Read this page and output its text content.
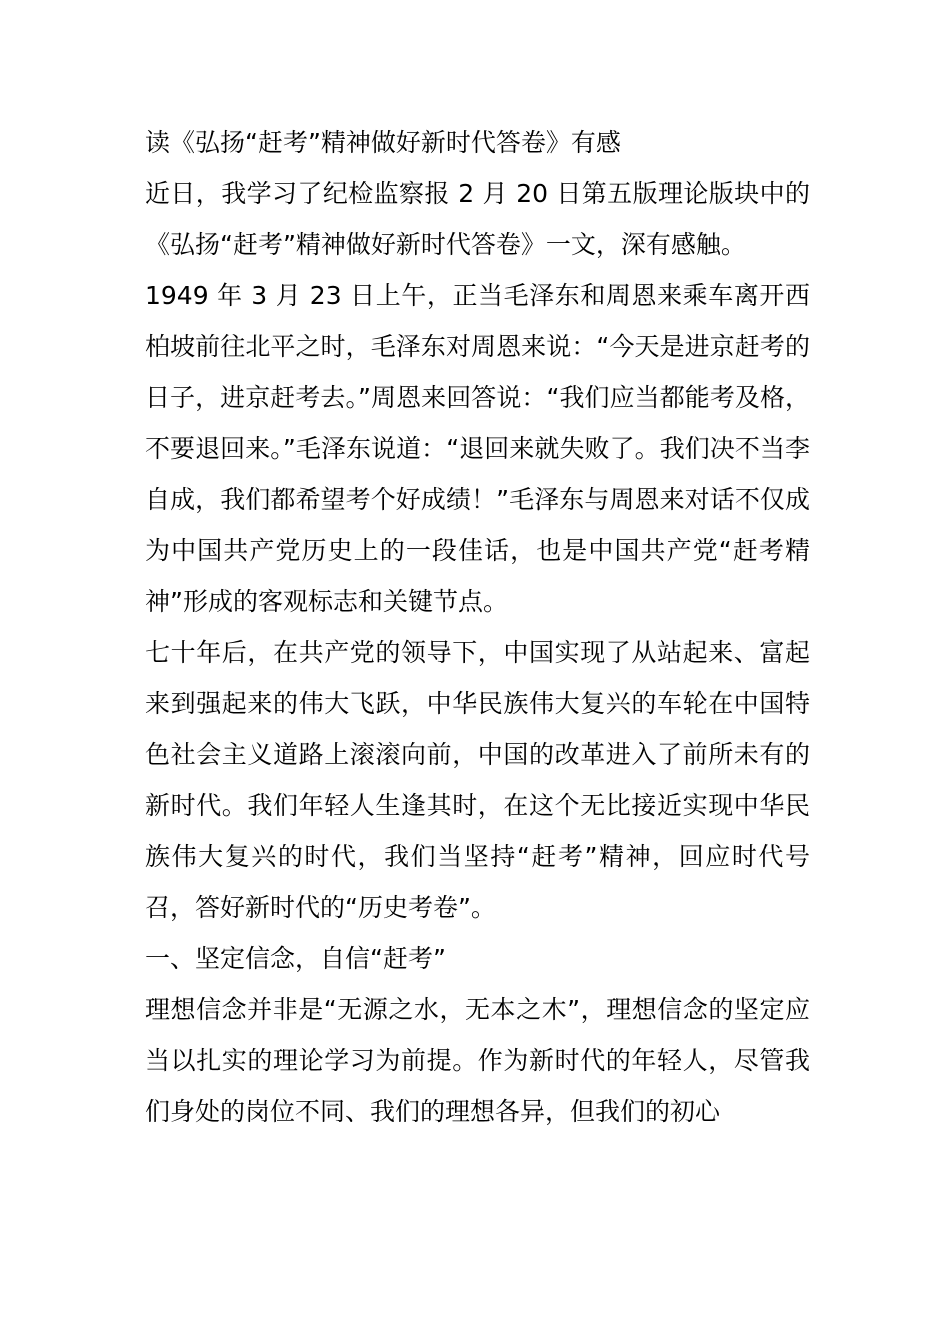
读《弘扬“赶考”精神做好新时代答卷》有感

近日，我学习了纪检监察报 2 月 20 日第五版理论版块中的《弘扬“赶考”精神做好新时代答卷》一文，深有感触。

1949 年 3 月 23 日上午，正当毛泽东和周恩来乘车离开西柏坡前往北平之时，毛泽东对周恩来说：“今天是进京赶考的日子，进京赶考去。”周恩来回答说：“我们应当都能考及格，不要退回来。”毛泽东说道：“退回来就失败了。我们决不当李自成，我们都希望考个好成绩！”毛泽东与周恩来对话不仅成为中国共产党历史上的一段佳话，也是中国共产党“赶考精神”形成的客观标志和关键节点。

七十年后，在共产党的领导下，中国实现了从站起来、富起来到强起来的伟大飞跃，中华民族伟大复兴的车轮在中国特色社会主义道路上滚滚向前，中国的改革进入了前所未有的新时代。我们年轻人生逢其时，在这个无比接近实现中华民族伟大复兴的时代，我们当坚持“赶考”精神，回应时代号召，答好新时代的“历史考卷”。

一、坚定信念，自信“赶考”

理想信念并非是“无源之水，无本之木”，理想信念的坚定应当以扎实的理论学习为前提。作为新时代的年轻人，尽管我们身处的岗位不同、我们的理想各异，但我们的初心
